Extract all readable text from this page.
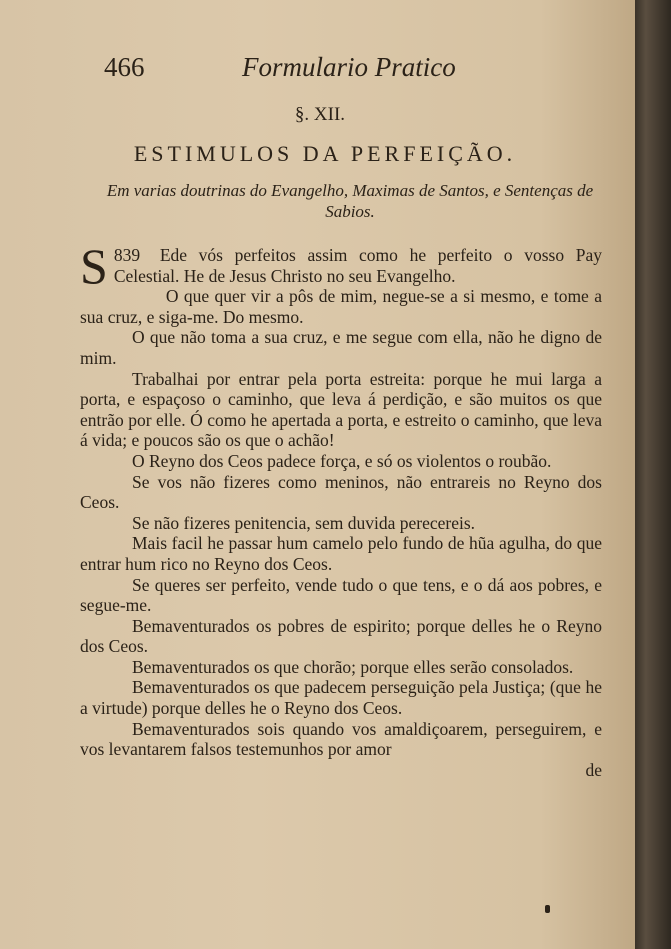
466	Formulario Pratico
§. XII.
ESTIMULOS DA PERFEIÇÃO.
Em varias doutrinas do Evangelho, Maximas de Santos, e Sentenças de Sabios.

839
S	Ede vós perfeitos assim como he perfeito o vosso Pay Celestial. He de Jesus Christo no seu Evangelho.

O que quer vir a pôs de mim, negue-se a si mesmo, e tome a sua cruz, e siga-me. Do mesmo.

O que não toma a sua cruz, e me segue com ella, não he digno de mim.

Trabalhai por entrar pela porta estreita: porque he mui larga a porta, e espaçoso o caminho, que leva á perdição, e são muitos os que entrão por elle. Ó como he apertada a porta, e estreito o caminho, que leva á vida; e poucos são os que o achão!

O Reyno dos Ceos padece força, e só os violentos o roubão.

Se vos não fizeres como meninos, não entrareis no Reyno dos Ceos.

Se não fizeres penitencia, sem duvida perecereis.

Mais facil he passar hum camelo pelo fundo de hũa agulha, do que entrar hum rico no Reyno dos Ceos.

Se queres ser perfeito, vende tudo o que tens, e o dá aos pobres, e segue-me.

Bemaventurados os pobres de espirito; porque delles he o Reyno dos Ceos.

Bemaventurados os que chorão; porque elles serão consolados.

Bemaventurados os que padecem perseguição pela Justiça; (que he a virtude) porque delles he o Reyno dos Ceos.

Bemaventurados sois quando vos amaldiçoarem, perseguirem, e vos levantarem falsos testemunhos por amor

de
